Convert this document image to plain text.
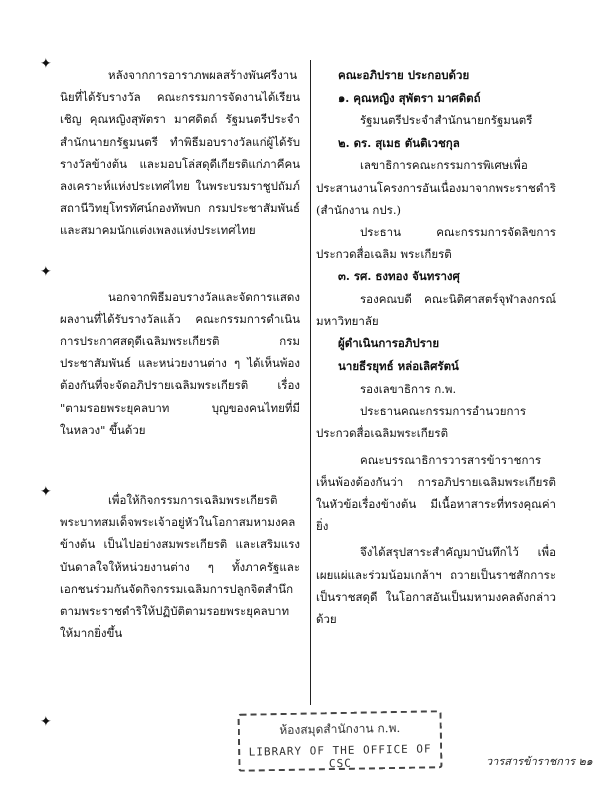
✦
✦
✦
✦

หลังจากการอาราภพผลสร้างพันศรีงานนิยที่ได้รับรางวัล คณะกรรมการจัดงานได้เรียนเชิญ คุณหญิงสุพัตรา มาศดิตถ์ รัฐมนตรีประจำสำนักนายกรัฐมนตรี ทำพิธีมอบรางวัลแก่ผู้ได้รับรางวัลข้างต้น และมอบโล่สดุดีเกียรติแก่ภาคีคนลงเคราะห์แห่งประเทศไทย ในพระบรมราชูปถัมภ์ สถานีวิทยุโทรทัศน์กองทัพบก กรมประชาสัมพันธ์ และสมาคมนักแต่งเพลงแห่งประเทศไทย

นอกจากพิธีมอบรางวัลและจัดการแสดงผลงานที่ได้รับรางวัลแล้ว คณะกรรมการดำเนินการประกาศสดุดีเฉลิมพระเกียรติ กรมประชาสัมพันธ์ และหน่วยงานต่าง ๆ ได้เห็นพ้องต้องกันที่จะจัดอภิปรายเฉลิมพระเกียรติ เรื่อง "ตามรอยพระยุคลบาท บุญของคนไทยที่มีในหลวง" ขึ้นด้วย

เพื่อให้กิจกรรมการเฉลิมพระเกียรติพระบาทสมเด็จพระเจ้าอยู่หัวในโอกาสมหามงคลข้างต้น เป็นไปอย่างสมพระเกียรติ และเสริมแรงบันดาลใจให้หน่วยงานต่าง ๆ ทั้งภาครัฐและเอกชนร่วมกันจัดกิจกรรมเฉลิมการปลูกจิตสำนึกตามพระราชดำริให้ปฏิบัติตามรอยพระยุคลบาทให้มากยิ่งขึ้น

คณะอภิปราย ประกอบด้วย

๑. คุณหญิง สุพัตรา มาศดิตถ์

รัฐมนตรีประจำสำนักนายกรัฐมนตรี

๒. ดร. สุเมธ ตันติเวชกุล

เลขาธิการคณะกรรมการพิเศษเพื่อประสานงานโครงการอันเนื่องมาจากพระราชดำริ (สำนักงาน กปร.)

ประธาน คณะกรรมการจัดลิขการประกวดสื่อเฉลิม พระเกียรติ

๓. รศ. ธงทอง จันทรางศุ

รองคณบดี คณะนิติศาสตร์จุฬาลงกรณ์มหาวิทยาลัย

ผู้ดำเนินการอภิปราย

นายธีรยุทธ์ หล่อเลิศรัตน์

รองเลขาธิการ ก.พ.

ประธานคณะกรรมการอำนวยการประกวดสื่อเฉลิมพระเกียรติ

คณะบรรณาธิการวารสารข้าราชการเห็นพ้องต้องกันว่า การอภิปรายเฉลิมพระเกียรติในหัวข้อเรื่องข้างต้น มีเนื้อหาสาระที่ทรงคุณค่ายิ่ง

จึงได้สรุปสาระสำคัญมาบันทึกไว้ เพื่อเผยแผ่และร่วมน้อมเกล้าฯ ถวายเป็นราชสักการะ เป็นราชสดุดี ในโอกาสอันเป็นมหามงคลดังกล่าวด้วย

ห้องสมุดสำนักงาน ก.พ.
LIBRARY OF THE OFFICE OF CSC	วารสารข้าราชการ ๒๑
